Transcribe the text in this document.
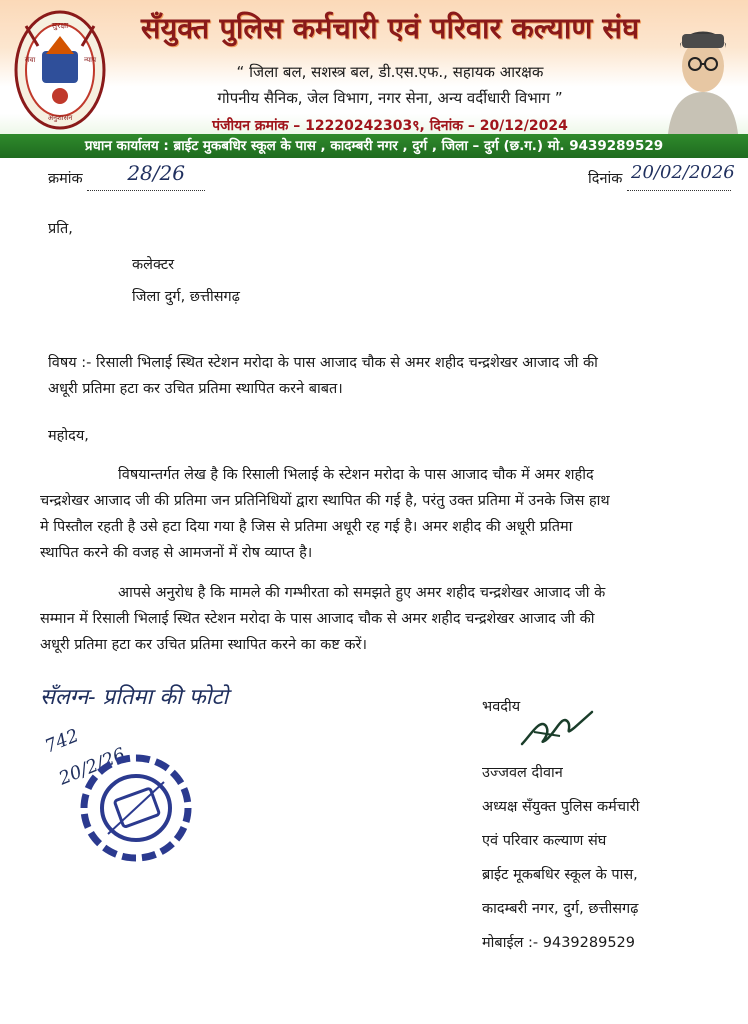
सुरक्षा
न्याय
सेवा
अनुशासन
सँयुक्त पुलिस कर्मचारी एवं परिवार कल्याण संघ
“ जिला बल, सशस्त्र बल, डी.एस.एफ., सहायक आरक्षक
गोपनीय सैनिक, जेल विभाग, नगर सेना, अन्य वर्दीधारी विभाग ”
पंजीयन क्रमांक – 12220242303९, दिनांक – 20/12/2024
प्रधान कार्यालय : ब्राईट मुकबधिर स्कूल के पास , कादम्बरी नगर , दुर्ग , जिला – दुर्ग (छ.ग.) मो. 9439289529
क्रमांक 28/26
	दिनांक 20/02/2026

प्रति,
कलेक्टर
जिला दुर्ग, छत्तीसगढ़
विषय :- रिसाली भिलाई स्थित स्टेशन मरोदा के पास आजाद चौक से अमर शहीद चन्द्रशेखर आजाद जी की
अधूरी प्रतिमा हटा कर उचित प्रतिमा स्थापित करने बाबत।
महोदय,
विषयान्तर्गत लेख है कि रिसाली भिलाई के स्टेशन मरोदा के पास आजाद चौक में अमर शहीद
चन्द्रशेखर आजाद जी की प्रतिमा जन प्रतिनिधियों द्वारा स्थापित की गई है, परंतु उक्त प्रतिमा में उनके जिस हाथ
मे पिस्तौल रहती है उसे हटा दिया गया है जिस से प्रतिमा अधूरी रह गई है। अमर शहीद की अधूरी प्रतिमा
स्थापित करने की वजह से आमजनों में रोष व्याप्त है।
आपसे अनुरोध है कि मामले की गम्भीरता को समझते हुए अमर शहीद चन्द्रशेखर आजाद जी के
सम्मान में रिसाली भिलाई स्थित स्टेशन मरोदा के पास आजाद चौक से अमर शहीद चन्द्रशेखर आजाद जी की
अधूरी प्रतिमा हटा कर उचित प्रतिमा स्थापित करने का कष्ट करें।
सँलग्न- प्रतिमा की फोटो
742
20/2/26
भवदीय
उज्जवल दीवान
अध्यक्ष सँयुक्त पुलिस कर्मचारी
एवं परिवार कल्याण संघ
ब्राईट मूकबधिर स्कूल के पास,
कादम्बरी नगर, दुर्ग, छत्तीसगढ़
मोबाईल :- 9439289529
